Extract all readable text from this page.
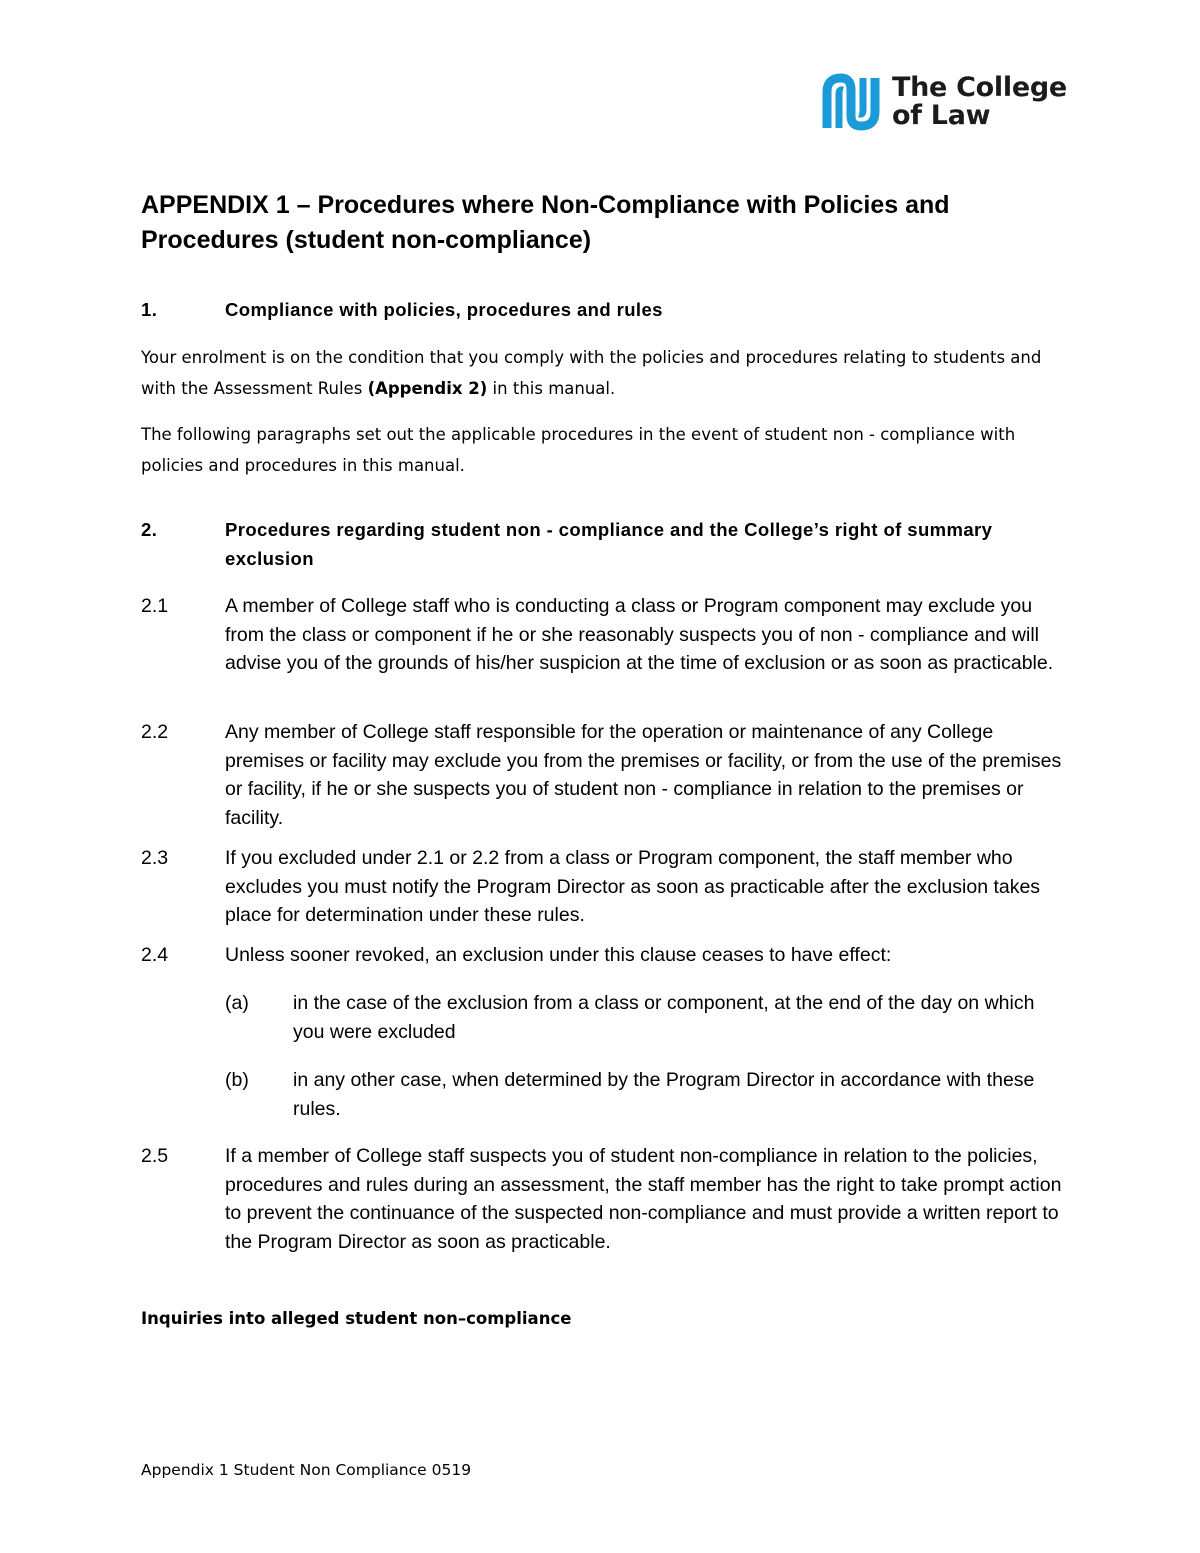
The College
of Law
APPENDIX 1 – Procedures where Non-Compliance with Policies and Procedures (student non-compliance)
1.	Compliance with policies, procedures and rules
Your enrolment is on the condition that you comply with the policies and procedures relating to students and with the Assessment Rules (Appendix 2) in this manual.
The following paragraphs set out the applicable procedures in the event of student non - compliance with policies and procedures in this manual.
2.	Procedures regarding student non - compliance and the College’s right of summary exclusion
2.1	A member of College staff who is conducting a class or Program component may exclude you from the class or component if he or she reasonably suspects you of non - compliance and will advise you of the grounds of his/her suspicion at the time of exclusion or as soon as practicable.
2.2	Any member of College staff responsible for the operation or maintenance of any College premises or facility may exclude you from the premises or facility, or from the use of the premises or facility, if he or she suspects you of student non - compliance in relation to the premises or facility.
2.3	If you excluded under 2.1 or 2.2 from a class or Program component, the staff member who excludes you must notify the Program Director as soon as practicable after the exclusion takes place for determination under these rules.
2.4	Unless sooner revoked, an exclusion under this clause ceases to have effect:
(a) in the case of the exclusion from a class or component, at the end of the day on which you were excluded
(b) in any other case, when determined by the Program Director in accordance with these rules.
2.5	If a member of College staff suspects you of student non-compliance in relation to the policies, procedures and rules during an assessment, the staff member has the right to take prompt action to prevent the continuance of the suspected non-compliance and must provide a written report to the Program Director as soon as practicable.
Inquiries into alleged student non–compliance
Appendix 1 Student Non Compliance 0519
